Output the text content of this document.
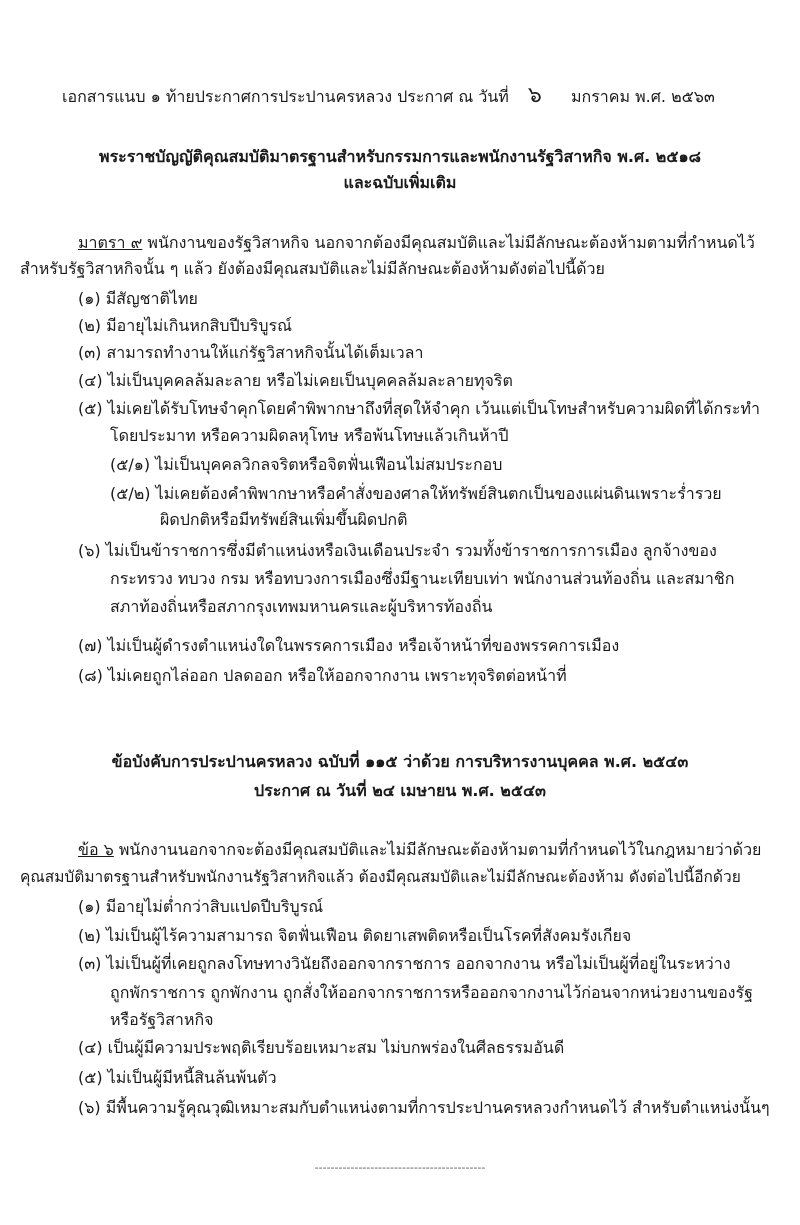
เอกสารแนบ ๑ ท้ายประกาศการประปานครหลวง ประกาศ ณ วันที่ ๖ มกราคม พ.ศ. ๒๕๖๓
พระราชบัญญัติคุณสมบัติมาตรฐานสำหรับกรรมการและพนักงานรัฐวิสาหกิจ พ.ศ. ๒๕๑๘
และฉบับเพิ่มเติม
มาตรา ๙ พนักงานของรัฐวิสาหกิจ นอกจากต้องมีคุณสมบัติและไม่มีลักษณะต้องห้ามตามที่กำหนดไว้
สำหรับรัฐวิสาหกิจนั้น ๆ แล้ว ยังต้องมีคุณสมบัติและไม่มีลักษณะต้องห้ามดังต่อไปนี้ด้วย
(๑) มีสัญชาติไทย
(๒) มีอายุไม่เกินหกสิบปีบริบูรณ์
(๓) สามารถทำงานให้แก่รัฐวิสาหกิจนั้นได้เต็มเวลา
(๔) ไม่เป็นบุคคลล้มละลาย หรือไม่เคยเป็นบุคคลล้มละลายทุจริต
(๕) ไม่เคยได้รับโทษจำคุกโดยคำพิพากษาถึงที่สุดให้จำคุก เว้นแต่เป็นโทษสำหรับความผิดที่ได้กระทำ
โดยประมาท หรือความผิดลหุโทษ หรือพ้นโทษแล้วเกินห้าปี
(๕/๑) ไม่เป็นบุคคลวิกลจริตหรือจิตฟั่นเฟือนไม่สมประกอบ
(๕/๒) ไม่เคยต้องคำพิพากษาหรือคำสั่งของศาลให้ทรัพย์สินตกเป็นของแผ่นดินเพราะร่ำรวย
ผิดปกติหรือมีทรัพย์สินเพิ่มขึ้นผิดปกติ
(๖) ไม่เป็นข้าราชการซึ่งมีตำแหน่งหรือเงินเดือนประจำ รวมทั้งข้าราชการการเมือง ลูกจ้างของ
กระทรวง ทบวง กรม หรือทบวงการเมืองซึ่งมีฐานะเทียบเท่า พนักงานส่วนท้องถิ่น และสมาชิก
สภาท้องถิ่นหรือสภากรุงเทพมหานครและผู้บริหารท้องถิ่น
(๗) ไม่เป็นผู้ดำรงตำแหน่งใดในพรรคการเมือง หรือเจ้าหน้าที่ของพรรคการเมือง
(๘) ไม่เคยถูกไล่ออก ปลดออก หรือให้ออกจากงาน เพราะทุจริตต่อหน้าที่
ข้อบังคับการประปานครหลวง ฉบับที่ ๑๑๕ ว่าด้วย การบริหารงานบุคคล พ.ศ. ๒๕๔๓
ประกาศ ณ วันที่ ๒๔ เมษายน พ.ศ. ๒๕๔๓
ข้อ ๖ พนักงานนอกจากจะต้องมีคุณสมบัติและไม่มีลักษณะต้องห้ามตามที่กำหนดไว้ในกฎหมายว่าด้วย
คุณสมบัติมาตรฐานสำหรับพนักงานรัฐวิสาหกิจแล้ว ต้องมีคุณสมบัติและไม่มีลักษณะต้องห้าม ดังต่อไปนี้อีกด้วย
(๑) มีอายุไม่ต่ำกว่าสิบแปดปีบริบูรณ์
(๒) ไม่เป็นผู้ไร้ความสามารถ จิตฟั่นเฟือน ติดยาเสพติดหรือเป็นโรคที่สังคมรังเกียจ
(๓) ไม่เป็นผู้ที่เคยถูกลงโทษทางวินัยถึงออกจากราชการ ออกจากงาน หรือไม่เป็นผู้ที่อยู่ในระหว่าง
ถูกพักราชการ ถูกพักงาน ถูกสั่งให้ออกจากราชการหรือออกจากงานไว้ก่อนจากหน่วยงานของรัฐ
หรือรัฐวิสาหกิจ
(๔) เป็นผู้มีความประพฤติเรียบร้อยเหมาะสม ไม่บกพร่องในศีลธรรมอันดี
(๕) ไม่เป็นผู้มีหนี้สินล้นพ้นตัว
(๖) มีพื้นความรู้คุณวุฒิเหมาะสมกับตำแหน่งตามที่การประปานครหลวงกำหนดไว้ สำหรับตำแหน่งนั้นๆ
-------------------------------------------
